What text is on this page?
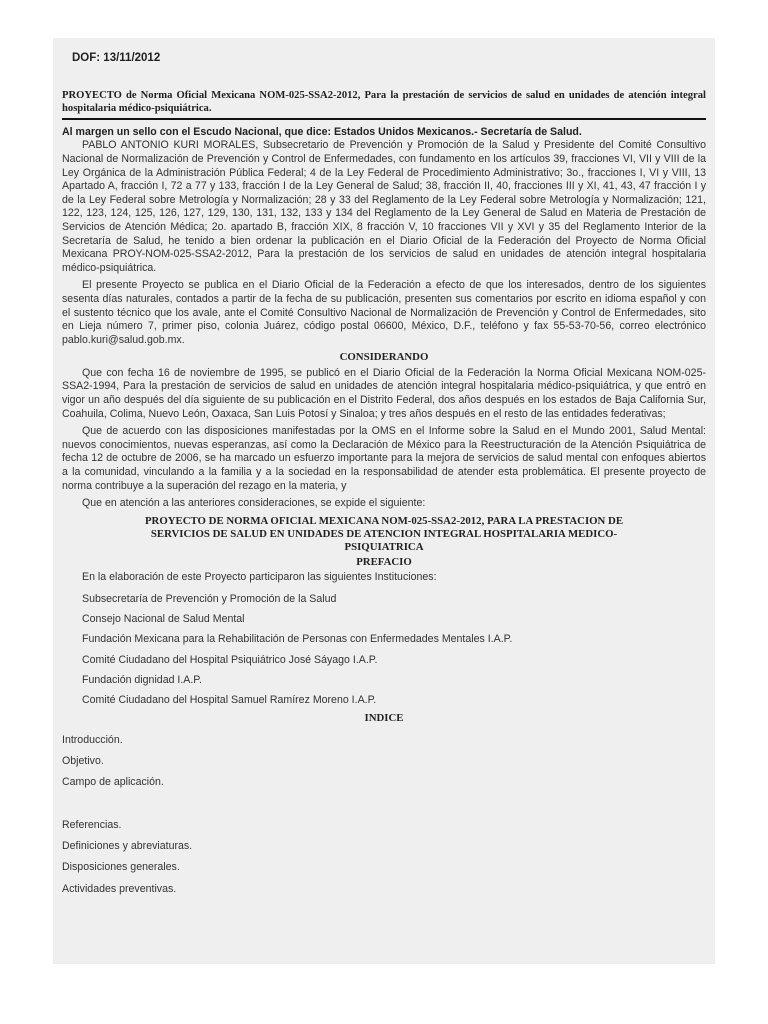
DOF: 13/11/2012
PROYECTO de Norma Oficial Mexicana NOM-025-SSA2-2012, Para la prestación de servicios de salud en unidades de atención integral hospitalaria médico-psiquiátrica.
Al margen un sello con el Escudo Nacional, que dice: Estados Unidos Mexicanos.- Secretaría de Salud.

PABLO ANTONIO KURI MORALES, Subsecretario de Prevención y Promoción de la Salud y Presidente del Comité Consultivo Nacional de Normalización de Prevención y Control de Enfermedades, con fundamento en los artículos 39, fracciones VI, VII y VIII de la Ley Orgánica de la Administración Pública Federal; 4 de la Ley Federal de Procedimiento Administrativo; 3o., fracciones I, VI y VIII, 13 Apartado A, fracción I, 72 a 77 y 133, fracción I de la Ley General de Salud; 38, fracción II, 40, fracciones III y XI, 41, 43, 47 fracción I y de la Ley Federal sobre Metrología y Normalización; 28 y 33 del Reglamento de la Ley Federal sobre Metrología y Normalización; 121, 122, 123, 124, 125, 126, 127, 129, 130, 131, 132, 133 y 134 del Reglamento de la Ley General de Salud en Materia de Prestación de Servicios de Atención Médica; 2o. apartado B, fracción XIX, 8 fracción V, 10 fracciones VII y XVI y 35 del Reglamento Interior de la Secretaría de Salud, he tenido a bien ordenar la publicación en el Diario Oficial de la Federación del Proyecto de Norma Oficial Mexicana PROY-NOM-025-SSA2-2012, Para la prestación de los servicios de salud en unidades de atención integral hospitalaria médico-psiquiátrica.

El presente Proyecto se publica en el Diario Oficial de la Federación a efecto de que los interesados, dentro de los siguientes sesenta días naturales, contados a partir de la fecha de su publicación, presenten sus comentarios por escrito en idioma español y con el sustento técnico que los avale, ante el Comité Consultivo Nacional de Normalización de Prevención y Control de Enfermedades, sito en Lieja número 7, primer piso, colonia Juárez, código postal 06600, México, D.F., teléfono y fax 55-53-70-56, correo electrónico pablo.kuri@salud.gob.mx.

CONSIDERANDO

Que con fecha 16 de noviembre de 1995, se publicó en el Diario Oficial de la Federación la Norma Oficial Mexicana NOM-025-SSA2-1994, Para la prestación de servicios de salud en unidades de atención integral hospitalaria médico-psiquiátrica, y que entró en vigor un año después del día siguiente de su publicación en el Distrito Federal, dos años después en los estados de Baja California Sur, Coahuila, Colima, Nuevo León, Oaxaca, San Luis Potosí y Sinaloa; y tres años después en el resto de las entidades federativas;

Que de acuerdo con las disposiciones manifestadas por la OMS en el Informe sobre la Salud en el Mundo 2001, Salud Mental: nuevos conocimientos, nuevas esperanzas, así como la Declaración de México para la Reestructuración de la Atención Psiquiátrica de fecha 12 de octubre de 2006, se ha marcado un esfuerzo importante para la mejora de servicios de salud mental con enfoques abiertos a la comunidad, vinculando a la familia y a la sociedad en la responsabilidad de atender esta problemática. El presente proyecto de norma contribuye a la superación del rezago en la materia, y

Que en atención a las anteriores consideraciones, se expide el siguiente:

PROYECTO DE NORMA OFICIAL MEXICANA NOM-025-SSA2-2012, PARA LA PRESTACION DE SERVICIOS DE SALUD EN UNIDADES DE ATENCION INTEGRAL HOSPITALARIA MEDICO-PSIQUIATRICA
PREFACIO
En la elaboración de este Proyecto participaron las siguientes Instituciones:
Subsecretaría de Prevención y Promoción de la Salud
Consejo Nacional de Salud Mental
Fundación Mexicana para la Rehabilitación de Personas con Enfermedades Mentales I.A.P.
Comité Ciudadano del Hospital Psiquiátrico José Sáyago I.A.P.
Fundación dignidad I.A.P.
Comité Ciudadano del Hospital Samuel Ramírez Moreno I.A.P.
INDICE
Introducción.
Objetivo.
Campo de aplicación.
Referencias.
Definiciones y abreviaturas.
Disposiciones generales.
Actividades preventivas.
